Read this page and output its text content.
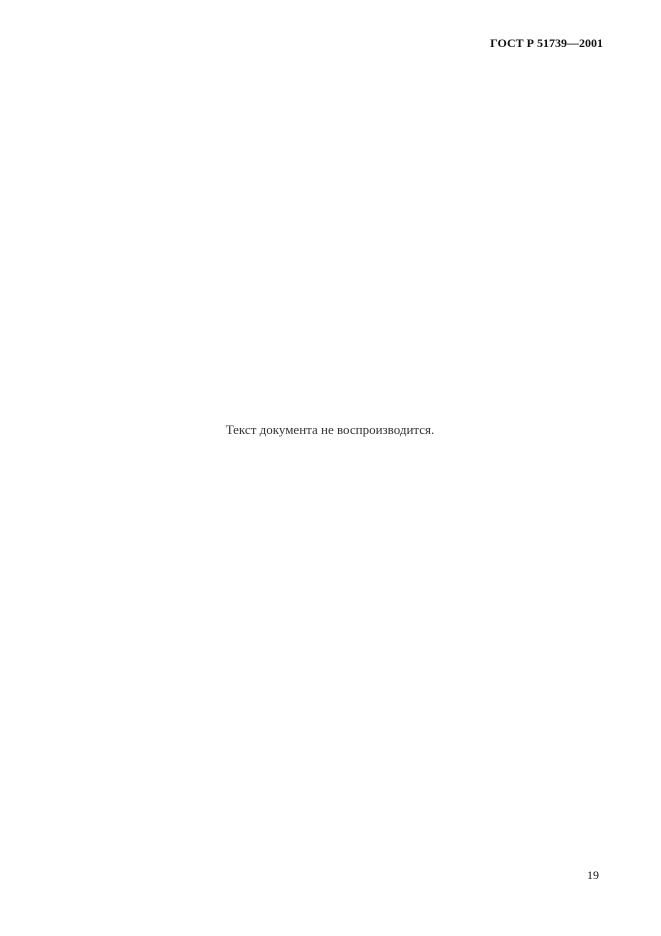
ГОСТ Р 51739—2001
Текст документа не воспроизводится.
19
